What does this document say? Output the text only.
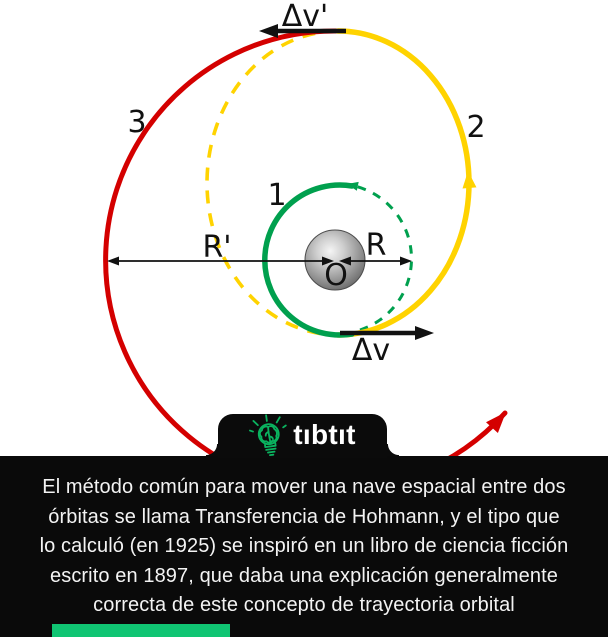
3	2
1
R'	R
O
Δv
Δv'
El método común para mover una nave espacial entre dos
órbitas se llama Transferencia de Hohmann, y el tipo que
lo calculó (en 1925) se inspiró en un libro de ciencia ficción
escrito en 1897, que daba una explicación generalmente
correcta de este concepto de trayectoria orbital
tıbtıt
